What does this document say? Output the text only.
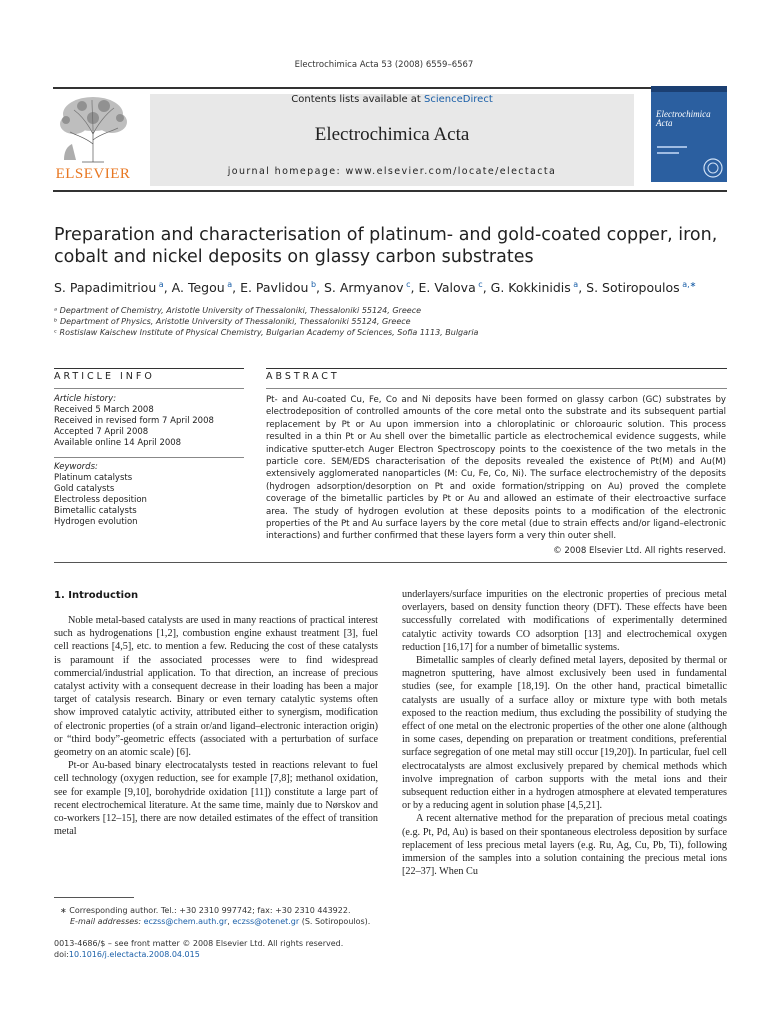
Electrochimica Acta 53 (2008) 6559–6567
ELSEVIER
Contents lists available at ScienceDirect
Electrochimica Acta
journal homepage: www.elsevier.com/locate/electacta
Electrochimica Acta
Preparation and characterisation of platinum- and gold-coated copper, iron,
cobalt and nickel deposits on glassy carbon substrates
S. Papadimitriou $^a$, A. Tegou $^a$, E. Pavlidou $^b$, S. Armyanov $^c$, E. Valova $^c$, G. Kokkinidis $^a$, S. Sotiropoulos $^{a,∗}$
ᵃ Department of Chemistry, Aristotle University of Thessaloniki, Thessaloniki 55124, Greece
ᵇ Department of Physics, Aristotle University of Thessaloniki, Thessaloniki 55124, Greece
ᶜ Rostislaw Kaischew Institute of Physical Chemistry, Bulgarian Academy of Sciences, Sofia 1113, Bulgaria
ARTICLE INFO	ABSTRACT
Article history:
Received 5 March 2008
Received in revised form 7 April 2008
Accepted 7 April 2008
Available online 14 April 2008
Keywords:
Platinum catalysts
Gold catalysts
Electroless deposition
Bimetallic catalysts
Hydrogen evolution
Pt- and Au-coated Cu, Fe, Co and Ni deposits have been formed on glassy carbon (GC) substrates by electrodeposition of controlled amounts of the core metal onto the substrate and its subsequent partial replacement by Pt or Au upon immersion into a chloroplatinic or chloroauric solution. This process resulted in a thin Pt or Au shell over the bimetallic particle as electrochemical evidence suggests, while indicative sputter-etch Auger Electron Spectroscopy points to the coexistence of the two metals in the particle core. SEM/EDS characterisation of the deposits revealed the existence of Pt(M) and Au(M) extensively agglomerated nanoparticles (M: Cu, Fe, Co, Ni). The surface electrochemistry of the deposits (hydrogen adsorption/desorption on Pt and oxide formation/stripping on Au) proved the complete coverage of the bimetallic particles by Pt or Au and allowed an estimate of their electroactive surface area. The study of hydrogen evolution at these deposits points to a modification of the electronic properties of the Pt and Au surface layers by the core metal (due to strain effects and/or ligand–electronic interactions) and further confirmed that these layers form a very thin outer shell.
© 2008 Elsevier Ltd. All rights reserved.
1. Introduction

Noble metal-based catalysts are used in many reactions of practical interest such as hydrogenations [1,2], combustion engine exhaust treatment [3], fuel cell reactions [4,5], etc. to mention a few. Reducing the cost of these catalysts is paramount if the associated processes were to find widespread commercial/industrial application. To that direction, an increase of precious catalyst activity with a consequent decrease in their loading has been a major target of catalysis research. Binary or even ternary catalytic systems often show improved catalytic activity, attributed either to synergism, modification of electronic properties (of a strain or/and ligand–electronic interaction origin) or “third body”-geometric effects (associated with a perturbation of surface geometry on an atomic scale) [6].

Pt-or Au-based binary electrocatalysts tested in reactions relevant to fuel cell technology (oxygen reduction, see for example [7,8]; methanol oxidation, see for example [9,10], borohydride oxidation [11]) constitute a large part of recent electrochemical literature. At the same time, mainly due to Nørskov and co-workers [12–15], there are now detailed estimates of the effect of transition metal

underlayers/surface impurities on the electronic properties of precious metal overlayers, based on density function theory (DFT). These effects have been successfully correlated with modifications of experimentally determined catalytic activity towards CO adsorption [13] and electrochemical oxygen reduction [16,17] for a number of bimetallic systems.

Bimetallic samples of clearly defined metal layers, deposited by thermal or magnetron sputtering, have almost exclusively been used in fundamental studies (see, for example [18,19]. On the other hand, practical bimetallic catalysts are usually of a surface alloy or mixture type with both metals exposed to the reaction medium, thus excluding the possibility of studying the effect of one metal on the electronic properties of the other one alone (although in some cases, depending on preparation or treatment conditions, preferential surface segregation of one metal may still occur [19,20]). In particular, fuel cell electrocatalysts are almost exclusively prepared by chemical methods which involve impregnation of carbon supports with the metal ions and their subsequent reduction either in a hydrogen atmosphere at elevated temperatures or by a reducing agent in solution phase [4,5,21].

A recent alternative method for the preparation of precious metal coatings (e.g. Pt, Pd, Au) is based on their spontaneous electroless deposition by surface replacement of less precious metal layers (e.g. Ru, Ag, Cu, Pb, Ti), following immersion of the samples into a solution containing the precious metal ions [22–37]. When Cu

∗ Corresponding author. Tel.: +30 2310 997742; fax: +30 2310 443922.
E-mail addresses: eczss@chem.auth.gr, eczss@otenet.gr (S. Sotiropoulos).
0013-4686/$ – see front matter © 2008 Elsevier Ltd. All rights reserved.
doi:10.1016/j.electacta.2008.04.015
